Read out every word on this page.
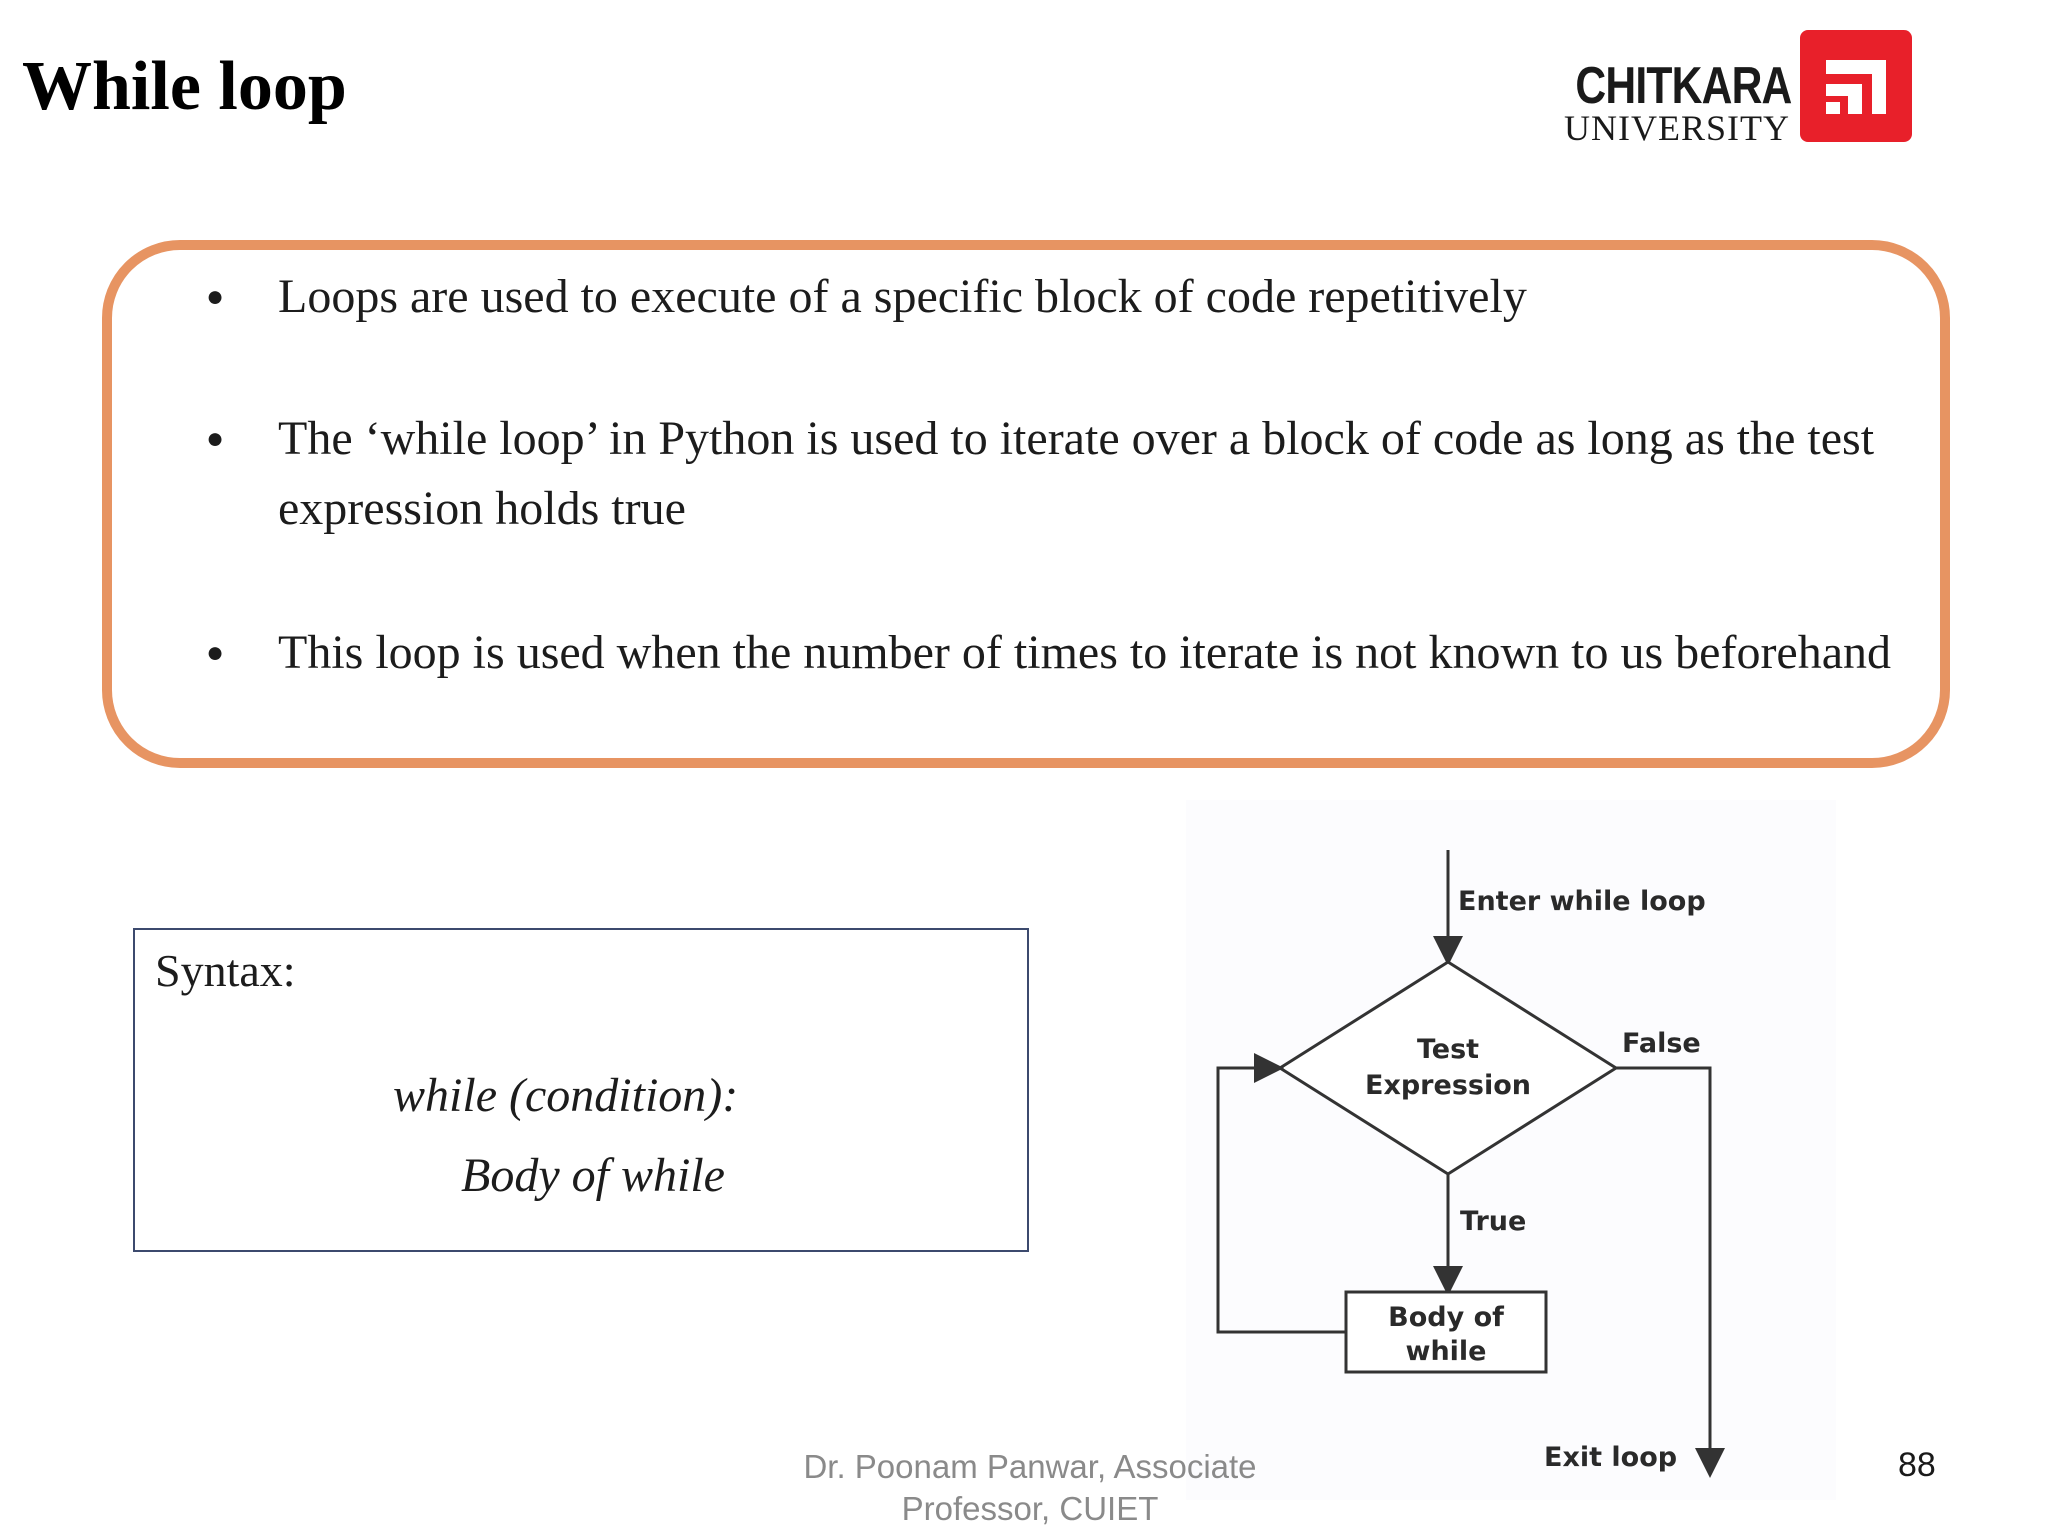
While loop	CHITKARA
UNIVERSITY
● Loops are used to execute of a specific block of code repetitively
● The ‘while loop’ in Python is used to iterate over a block of code as long as the test expression holds true
● This loop is used when the number of times to iterate is not known to us beforehand
Syntax:
while (condition):
Body of while
Enter while loop
Test
Expression
True
Body of
while
False
Exit loop
Dr. Poonam Panwar, Associate Professor, CUIET
88
